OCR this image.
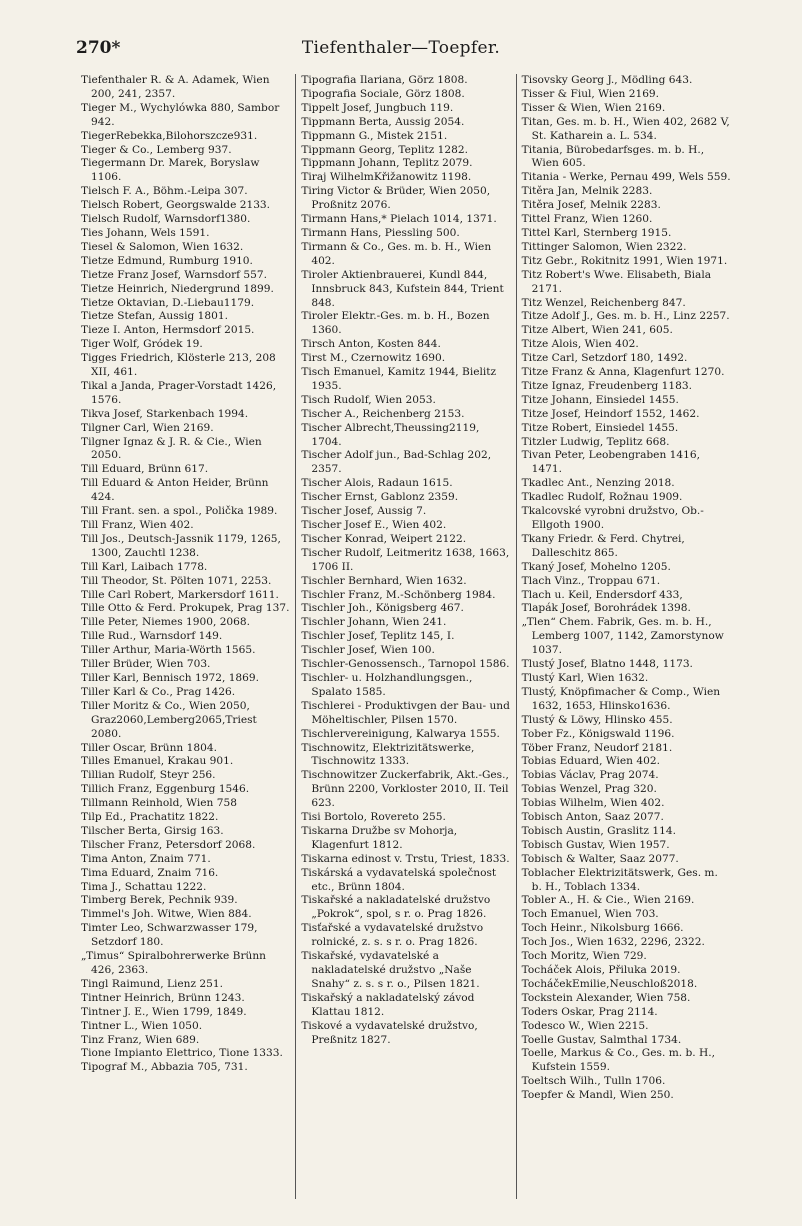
Tiefenthaler—Toepfer.
270*
Tiefenthaler R. & A. Adamek, Wien 200, 241, 2357.
Tieger M., Wychylówka 880, Sambor 942.
TiegerRebekka,Bilohorszcze931.
Tieger & Co., Lemberg 937.
Tiegermann Dr. Marek, Boryslaw 1106.
Tielsch F. A., Böhm.-Leipa 307.
Tielsch Robert, Georgswalde 2133.
Tielsch Rudolf, Warnsdorf1380.
Ties Johann, Wels 1591.
Tiesel & Salomon, Wien 1632.
Tietze Edmund, Rumburg 1910.
Tietze Franz Josef, Warnsdorf 557.
Tietze Heinrich, Niedergrund 1899.
Tietze Oktavian, D.-Liebau1179.
Tietze Stefan, Aussig 1801.
Tieze I. Anton, Hermsdorf 2015.
Tiger Wolf, Gródek 19.
Tigges Friedrich, Klösterle 213, 208 XII, 461.
Tikal a Janda, Prager-Vorstadt 1426, 1576.
Tikva Josef, Starkenbach 1994.
Tilgner Carl, Wien 2169.
Tilgner Ignaz & J. R. & Cie., Wien 2050.
Till Eduard, Brünn 617.
Till Eduard & Anton Heider, Brünn 424.
Till Frant. sen. a spol., Polička 1989.
Till Franz, Wien 402.
Till Jos., Deutsch-Jassnik 1179, 1265, 1300, Zauchtl 1238.
Till Karl, Laibach 1778.
Till Theodor, St. Pölten 1071, 2253.
Tille Carl Robert, Markersdorf 1611.
Tille Otto & Ferd. Prokupek, Prag 137.
Tille Peter, Niemes 1900, 2068.
Tille Rud., Warnsdorf 149.
Tiller Arthur, Maria-Wörth 1565.
Tiller Brüder, Wien 703.
Tiller Karl, Bennisch 1972, 1869.
Tiller Karl & Co., Prag 1426.
Tiller Moritz & Co., Wien 2050, Graz2060,Lemberg2065,Triest 2080.
Tiller Oscar, Brünn 1804.
Tilles Emanuel, Krakau 901.
Tillian Rudolf, Steyr 256.
Tillich Franz, Eggenburg 1546.
Tillmann Reinhold, Wien 758
Tilp Ed., Prachatitz 1822.
Tilscher Berta, Girsig 163.
Tilscher Franz, Petersdorf 2068.
Tima Anton, Znaim 771.
Tima Eduard, Znaim 716.
Tima J., Schattau 1222.
Timberg Berek, Pechnik 939.
Timmel's Joh. Witwe, Wien 884.
Timter Leo, Schwarzwasser 179, Setzdorf 180.
„Timus“ Spiralbohrerwerke Brünn 426, 2363.
Tingl Raimund, Lienz 251.
Tintner Heinrich, Brünn 1243.
Tintner J. E., Wien 1799, 1849.
Tintner L., Wien 1050.
Tinz Franz, Wien 689.
Tione Impianto Elettrico, Tione 1333.
Tipograf M., Abbazia 705, 731.
Tipografia Ilariana, Görz 1808.
Tipografia Sociale, Görz 1808.
Tippelt Josef, Jungbuch 119.
Tippmann Berta, Aussig 2054.
Tippmann G., Mistek 2151.
Tippmann Georg, Teplitz 1282.
Tippmann Johann, Teplitz 2079.
Tiraj WilhelmKřižanowitz 1198.
Tiring Victor & Brüder, Wien 2050, Proßnitz 2076.
Tirmann Hans,* Pielach 1014, 1371.
Tirmann Hans, Piessling 500.
Tirmann & Co., Ges. m. b. H., Wien 402.
Tiroler Aktienbrauerei, Kundl 844, Innsbruck 843, Kufstein 844, Trient 848.
Tiroler Elektr.-Ges. m. b. H., Bozen 1360.
Tirsch Anton, Kosten 844.
Tirst M., Czernowitz 1690.
Tisch Emanuel, Kamitz 1944, Bielitz 1935.
Tisch Rudolf, Wien 2053.
Tischer A., Reichenberg 2153.
Tischer Albrecht,Theussing2119, 1704.
Tischer Adolf jun., Bad-Schlag 202, 2357.
Tischer Alois, Radaun 1615.
Tischer Ernst, Gablonz 2359.
Tischer Josef, Aussig 7.
Tischer Josef E., Wien 402.
Tischer Konrad, Weipert 2122.
Tischer Rudolf, Leitmeritz 1638, 1663, 1706 II.
Tischler Bernhard, Wien 1632.
Tischler Franz, M.-Schönberg 1984.
Tischler Joh., Königsberg 467.
Tischler Johann, Wien 241.
Tischler Josef, Teplitz 145, I.
Tischler Josef, Wien 100.
Tischler-Genossensch., Tarnopol 1586.
Tischler- u. Holzhandlungsgen., Spalato 1585.
Tischlerei - Produktivgen der Bau- und Möheltischler, Pilsen 1570.
Tischlervereinigung, Kalwarya 1555.
Tischnowitz, Elektrizitätswerke, Tischnowitz 1333.
Tischnowitzer Zuckerfabrik, Akt.-Ges., Brünn 2200, Vorkloster 2010, II. Teil 623.
Tisi Bortolo, Rovereto 255.
Tiskarna Družbe sv Mohorja, Klagenfurt 1812.
Tiskarna edinost v. Trstu, Triest, 1833.
Tiskárská a vydavatelská společnost etc., Brünn 1804.
Tiskařské a nakladatelské družstvo „Pokrok“, spol, s r. o. Prag 1826.
Tisťařské a vydavatelské družstvo rolnické, z. s. s r. o. Prag 1826.
Tiskařské, vydavatelské a nakladatelské družstvo „Naše Snahy“ z. s. s r. o., Pilsen 1821.
Tiskařský a nakladatelský závod Klattau 1812.
Tiskové a vydavatelské družstvo, Preßnitz 1827.
Tisovsky Georg J., Mödling 643.
Tisser & Fiul, Wien 2169.
Tisser & Wien, Wien 2169.
Titan, Ges. m. b. H., Wien 402, 2682 V, St. Katharein a. L. 534.
Titania, Bürobedarfsges. m. b. H., Wien 605.
Titania - Werke, Pernau 499, Wels 559.
Titěra Jan, Melnik 2283.
Titěra Josef, Melnik 2283.
Tittel Franz, Wien 1260.
Tittel Karl, Sternberg 1915.
Tittinger Salomon, Wien 2322.
Titz Gebr., Rokitnitz 1991, Wien 1971.
Titz Robert's Wwe. Elisabeth, Biala 2171.
Titz Wenzel, Reichenberg 847.
Titze Adolf J., Ges. m. b. H., Linz 2257.
Titze Albert, Wien 241, 605.
Titze Alois, Wien 402.
Titze Carl, Setzdorf 180, 1492.
Titze Franz & Anna, Klagenfurt 1270.
Titze Ignaz, Freudenberg 1183.
Titze Johann, Einsiedel 1455.
Titze Josef, Heindorf 1552, 1462.
Titze Robert, Einsiedel 1455.
Titzler Ludwig, Teplitz 668.
Tivan Peter, Leobengraben 1416, 1471.
Tkadlec Ant., Nenzing 2018.
Tkadlec Rudolf, Rožnau 1909.
Tkalcovské vyrobni družstvo, Ob.-Ellgoth 1900.
Tkany Friedr. & Ferd. Chytrei, Dalleschitz 865.
Tkaný Josef, Mohelno 1205.
Tlach Vinz., Troppau 671.
Tlach u. Keil, Endersdorf 433,
Tlapák Josef, Borohrádek 1398.
„Tlen“ Chem. Fabrik, Ges. m. b. H., Lemberg 1007, 1142, Zamorstynow 1037.
Tlustý Josef, Blatno 1448, 1173.
Tlustý Karl, Wien 1632.
Tlustý, Knöpfimacher & Comp., Wien 1632, 1653, Hlinsko1636.
Tlustý & Löwy, Hlinsko 455.
Tober Fz., Königswald 1196.
Töber Franz, Neudorf 2181.
Tobias Eduard, Wien 402.
Tobias Václav, Prag 2074.
Tobias Wenzel, Prag 320.
Tobias Wilhelm, Wien 402.
Tobisch Anton, Saaz 2077.
Tobisch Austin, Graslitz 114.
Tobisch Gustav, Wien 1957.
Tobisch & Walter, Saaz 2077.
Toblacher Elektrizitätswerk, Ges. m. b. H., Toblach 1334.
Tobler A., H. & Cie., Wien 2169.
Toch Emanuel, Wien 703.
Toch Heinr., Nikolsburg 1666.
Toch Jos., Wien 1632, 2296, 2322.
Toch Moritz, Wien 729.
Tocháček Alois, Přiluka 2019.
TocháčekEmilie,Neuschloß2018.
Tockstein Alexander, Wien 758.
Toders Oskar, Prag 2114.
Todesco W., Wien 2215.
Toelle Gustav, Salmthal 1734.
Toelle, Markus & Co., Ges. m. b. H., Kufstein 1559.
Toeltsch Wilh., Tulln 1706.
Toepfer & Mandl, Wien 250.
